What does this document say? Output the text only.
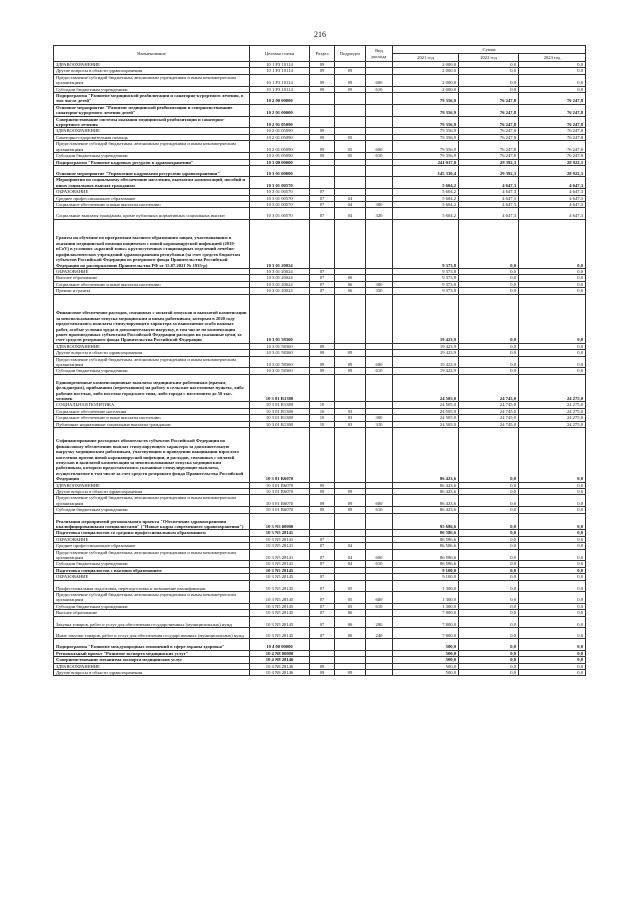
216
Наименование	Целевая статья	Раздел	Подраздел	Вид расхода	Сумма		
					2021 год	2022 год	2023 год
ЗДРАВООХРАНЕНИЕ	10 1 Р3 10114	09			2 000,0	0,0	0,0
Другие вопросы в области здравоохранения	10 1 Р3 10114	09	09		2 000,0	0,0	0,0
Предоставление субсидий бюджетным, автономным учреждениям и иным некоммерческим организациям	10 1 Р3 10114	09	09	600	2 000,0	0,0	0,0
Субсидии бюджетным учреждениям	10 1 Р3 10114	09	09	610	2 000,0	0,0	0,0
Подпрограмма "Развитие медицинской реабилитации и санаторно-курортного лечения, в том числе детей"	10 2 00 00000				79 356,9	76 247,8	76 247,8
Основное мероприятие "Развитие медицинской реабилитации и совершенствование санаторно-курортного лечения детей"	10 2 01 00000				79 356,9	76 247,8	76 247,8
Совершенствование системы оказания медицинской реабилитации и санаторно-курортного лечения	10 2 01 05090				79 356,9	76 247,8	76 247,8
ЗДРАВООХРАНЕНИЕ	10 2 01 05090	09			79 356,9	76 247,8	76 247,8
Санаторно-оздоровительная помощь	10 2 01 05090	09	05		79 356,9	76 247,8	76 247,8
Предоставление субсидий бюджетным, автономным учреждениям и иным некоммерческим организациям	10 2 01 05090	09	05	600	79 356,9	76 247,8	76 247,8
Субсидии бюджетным учреждениям	10 2 01 05090	09	05	610	79 356,9	76 247,8	76 247,8
Подпрограмма "Развитие кадровых ресурсов в здравоохранении"	10 3 00 00000				241 017,0	29 392,3	28 922,3
Основное мероприятие "Управление кадровыми ресурсами здравоохранения"	10 3 01 00000				145 330,4	29 392,3	28 922,3
Мероприятия по социальному обеспечению населения, выплатам компенсаций, пособий и иных социальных выплат гражданам	10 3 01 00570				5 604,2	4 647,3	4 647,3
ОБРАЗОВАНИЕ	10 3 01 00570	07			5 604,2	4 647,3	4 647,3
Среднее профессиональное образование	10 3 01 00570	07	04		5 604,2	4 647,3	4 647,3
Социальное обеспечение и иные выплаты населению	10 3 01 00570	07	04	300	5 604,2	4 647,3	4 647,3
Социальные выплаты гражданам, кроме публичных нормативных социальных выплат	10 3 01 00570	07	04	320	5 604,2	4 647,3	4 647,3
Гранты на обучение по программам высшего образования лицам, участвовавшим в оказании медицинской помощи пациентам с новой коронавирусной инфекцией (2019-nCoV) в условиях «красной зоны» круглосуточных стационарных отделений лечебно-профилактических учреждений здравоохранения республики (за счет средств бюджетам субъектов Российской Федерации из резервного фонда Правительства Российской Федерации по распоряжению Правительства РФ от 15.07.2021 № 1935-р)	10 3 01 20024				9 373,8	0,0	0,0
ОБРАЗОВАНИЕ	10 3 01 20024	07			9 373,8	0,0	0,0
Высшее образование	10 3 01 20024	07	06		9 373,8	0,0	0,0
Социальное обеспечение и иные выплаты населению	10 3 01 20024	07	06	300	9 373,8	0,0	0,0
Премии и гранты	10 3 01 20024	07	06	350	9 373,8	0,0	0,0
Финансовое обеспечение расходов, связанных с оплатой отпусков и выплатой компенсации за неиспользованные отпуска медицинским и иным работникам, которым в 2020 году предоставлялись выплаты стимулирующего характера за выполнение особо важных работ, особые условия труда и дополнительную нагрузку, в том числе по компенсации ранее произведенных субъектами Российской Федерации расходов на указанные цели, за счет средств резервного фонда Правительства Российской Федерации	10 3 01 58360				19 423,9	0,0	0,0
ЗДРАВООХРАНЕНИЕ	10 3 01 58360	09			19 423,9	0,0	0,0
Другие вопросы в области здравоохранения	10 3 01 58360	09	09		19 423,9	0,0	0,0
Предоставление субсидий бюджетным, автономным учреждениям и иным некоммерческим организациям	10 3 01 58360	09	09	600	19 423,9	0,0	0,0
Субсидии бюджетным учреждениям	10 3 01 58360	09	09	610	19 423,9	0,0	0,0
Единовременные компенсационные выплаты медицинским работникам (врачам, фельдшерам), прибывшим (переехавшим) на работу в сельские населенные пункты, либо рабочие поселки, либо поселки городского типа, либо города с населением до 50 тыс. человек	10 3 01 R1380				24 505,0	24 745,0	24 275,0
СОЦИАЛЬНАЯ ПОЛИТИКА	10 3 01 R1380	10			24 505,0	24 745,0	24 275,0
Социальное обеспечение населения	10 3 01 R1380	10	03		24 505,0	24 745,0	24 275,0
Социальное обеспечение и иные выплаты населению	10 3 01 R1380	10	03	300	24 505,0	24 745,0	24 275,0
Публичные нормативные социальные выплаты гражданам	10 3 01 R1380	10	03	310	24 505,0	24 745,0	24 275,0
Софинансирование расходных обязательств субъектов Российской Федерации по финансовому обеспечению выплат стимулирующего характера за дополнительную нагрузку медицинским работникам, участвующим в проведении вакцинации взрослого населения против новой коронавирусной инфекции, и расходов, связанных с оплатой отпусков и выплатой компенсации за неиспользованные отпуска медицинским работникам, которым предоставлялись указанные стимулирующие выплаты, осуществляемое в том числе за счет средств резервного фонда Правительства Российской Федерации	10 3 01 R6070				86 423,6	0,0	0,0
ЗДРАВООХРАНЕНИЕ	10 3 01 R6070	09			86 423,6	0,0	0,0
Другие вопросы в области здравоохранения	10 3 01 R6070	09	09		86 423,6	0,0	0,0
Предоставление субсидий бюджетным, автономным учреждениям и иным некоммерческим организациям	10 3 01 R6070	09	09	600	86 423,6	0,0	0,0
Субсидии бюджетным учреждениям	10 3 01 R6070	09	09	610	86 423,6	0,0	0,0
Реализация мероприятий регионального проекта "Обеспечение здравоохранения квалифицированными специалистами" ("Новые кадры современного здравоохранения")	10 3 N5 00000				95 686,6	0,0	0,0
Подготовка специалистов со средним профессиональным образованием	10 3 N5 28141				86 586,6	0,0	0,0
ОБРАЗОВАНИЕ	10 3 N5 28141	07			86 586,6	0,0	0,0
Среднее профессиональное образование	10 3 N5 28141	07	04		86 586,6	0,0	0,0
Предоставление субсидий бюджетным, автономным учреждениям и иным некоммерческим организациям	10 3 N5 28141	07	04	600	86 586,6	0,0	0,0
Субсидии бюджетным учреждениям	10 3 N5 28141	07	04	610	86 586,6	0,0	0,0
Подготовка специалистов с высшим образованием	10 3 N5 28145				9 100,0	0,0	0,0
ОБРАЗОВАНИЕ	10 3 N5 28145	07			9 100,0	0,0	0,0
Профессиональная подготовка, переподготовка и повышение квалификации	10 3 N5 28145	07	05		1 300,0	0,0	0,0
Предоставление субсидий бюджетным, автономным учреждениям и иным некоммерческим организациям	10 3 N5 28145	07	05	600	1 300,0	0,0	0,0
Субсидии бюджетным учреждениям	10 3 N5 28145	07	05	610	1 300,0	0,0	0,0
Высшее образование	10 3 N5 28145	07	06		7 800,0	0,0	0,0
Закупка товаров, работ и услуг для обеспечения государственных (муниципальных) нужд	10 3 N5 28145	07	06	200	7 800,0	0,0	0,0
Иные закупки товаров, работ и услуг для обеспечения государственных (муниципальных) нужд	10 3 N5 28145	07	06	240	7 800,0	0,0	0,0
Подпрограмма "Развитие международных отношений в сфере охраны здоровья"	10 4 00 00000				500,0	0,0	0,0
Региональный проект "Развитие экспорта медицинских услуг"	10 4 N8 00000				500,0	0,0	0,0
Совершенствование механизма экспорта медицинских услуг	10 4 N8 28146				500,0	0,0	0,0
ЗДРАВООХРАНЕНИЕ	10 4 N8 28146	09			500,0	0,0	0,0
Другие вопросы в области здравоохранения	10 4 N8 28146	09	09		500,0	0,0	0,0
